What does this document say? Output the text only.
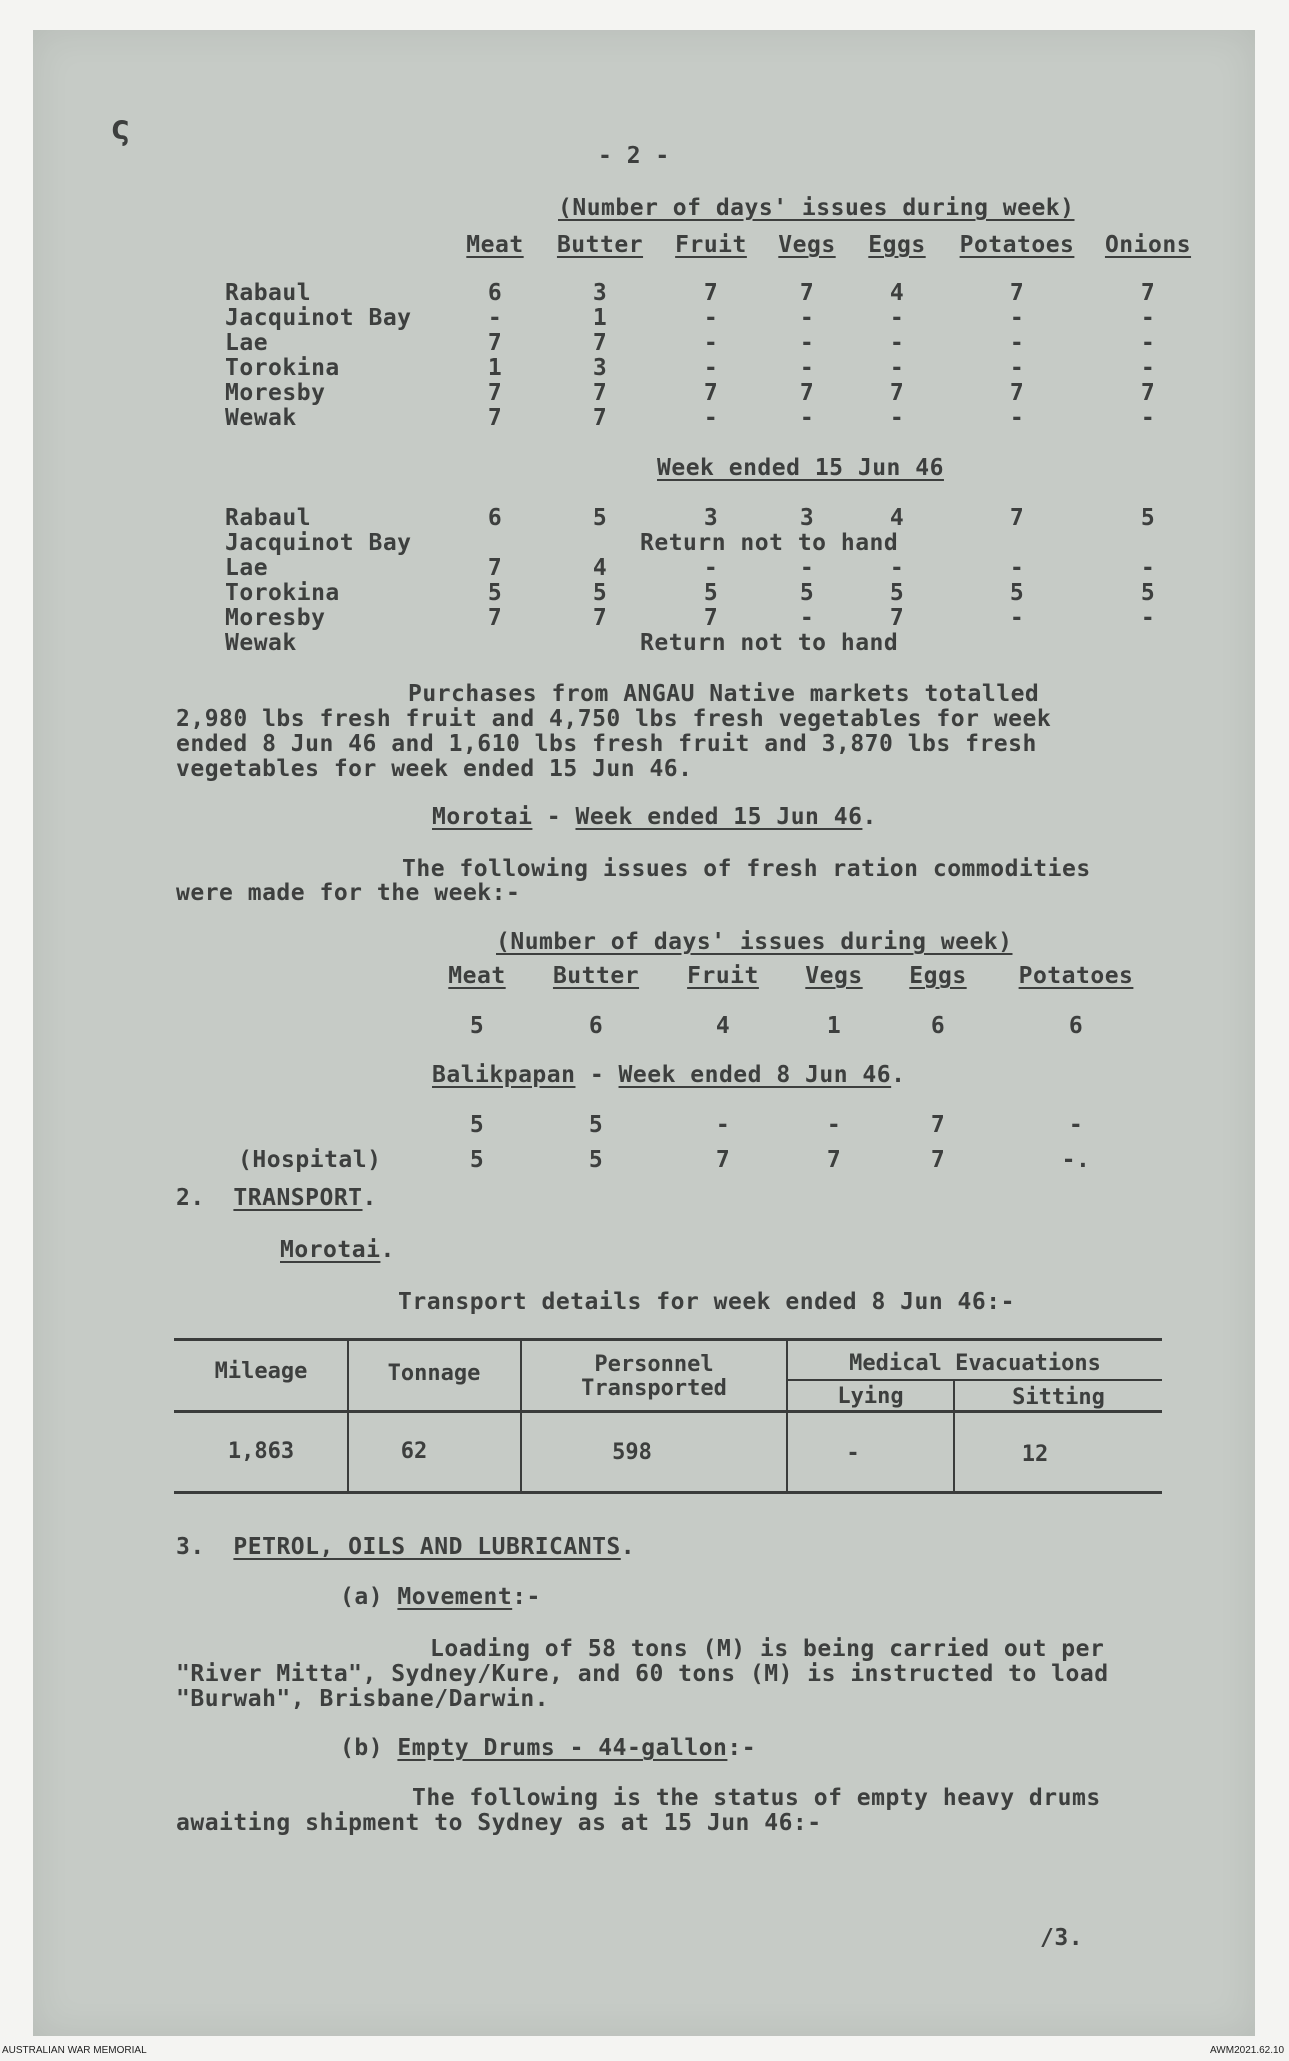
ς
- 2 -
(Number of days' issues during week)
Meat Butter Fruit Vegs Eggs	Potatoes	Onions
Rabaul	6	3	7	7	4	7	7
Jacquinot Bay	-	1	-	-	-	-	-
Lae	7	7	-	-	-	-	-
Torokina	1	3	-	-	-	-	-
Moresby	7	7	7	7	7	7	7
Wewak	7	7	-	-	-	-	-
Week ended 15 Jun 46
Rabaul	6	5	3	3	4	7	5
Jacquinot Bay	Return not to hand
Lae	7	4	-	-	-	-	-
Torokina	5	5	5	5	5	5	5
Moresby	7	7	7	-	7	-	-
Wewak	Return not to hand
Purchases from ANGAU Native markets totalled
2,980 lbs fresh fruit and 4,750 lbs fresh vegetables for week
ended 8 Jun 46 and 1,610 lbs fresh fruit and 3,870 lbs fresh
vegetables for week ended 15 Jun 46.
Morotai - Week ended 15 Jun 46.
The following issues of fresh ration commodities
were made for the week:-
(Number of days' issues during week)
Meat	Butter	Fruit	Vegs	Eggs	Potatoes
5	6	4	1	6	6
Balikpapan - Week ended 8 Jun 46.
5	5	-	-	7	-
(Hospital)	5	5	7	7	7	-.
2. TRANSPORT.
Morotai.
Transport details for week ended 8 Jun 46:-
Mileage	Tonnage	Personnel
Transported
Medical Evacuations
Lying	Sitting
1,863	62	598	-	12
3. PETROL, OILS AND LUBRICANTS.
(a) Movement:-
Loading of 58 tons (M) is being carried out per
"River Mitta", Sydney/Kure, and 60 tons (M) is instructed to load
"Burwah", Brisbane/Darwin.
(b) Empty Drums - 44-gallon:-
The following is the status of empty heavy drums
awaiting shipment to Sydney as at 15 Jun 46:-
/3.
AUSTRALIAN WAR MEMORIAL	AWM2021.62.10
